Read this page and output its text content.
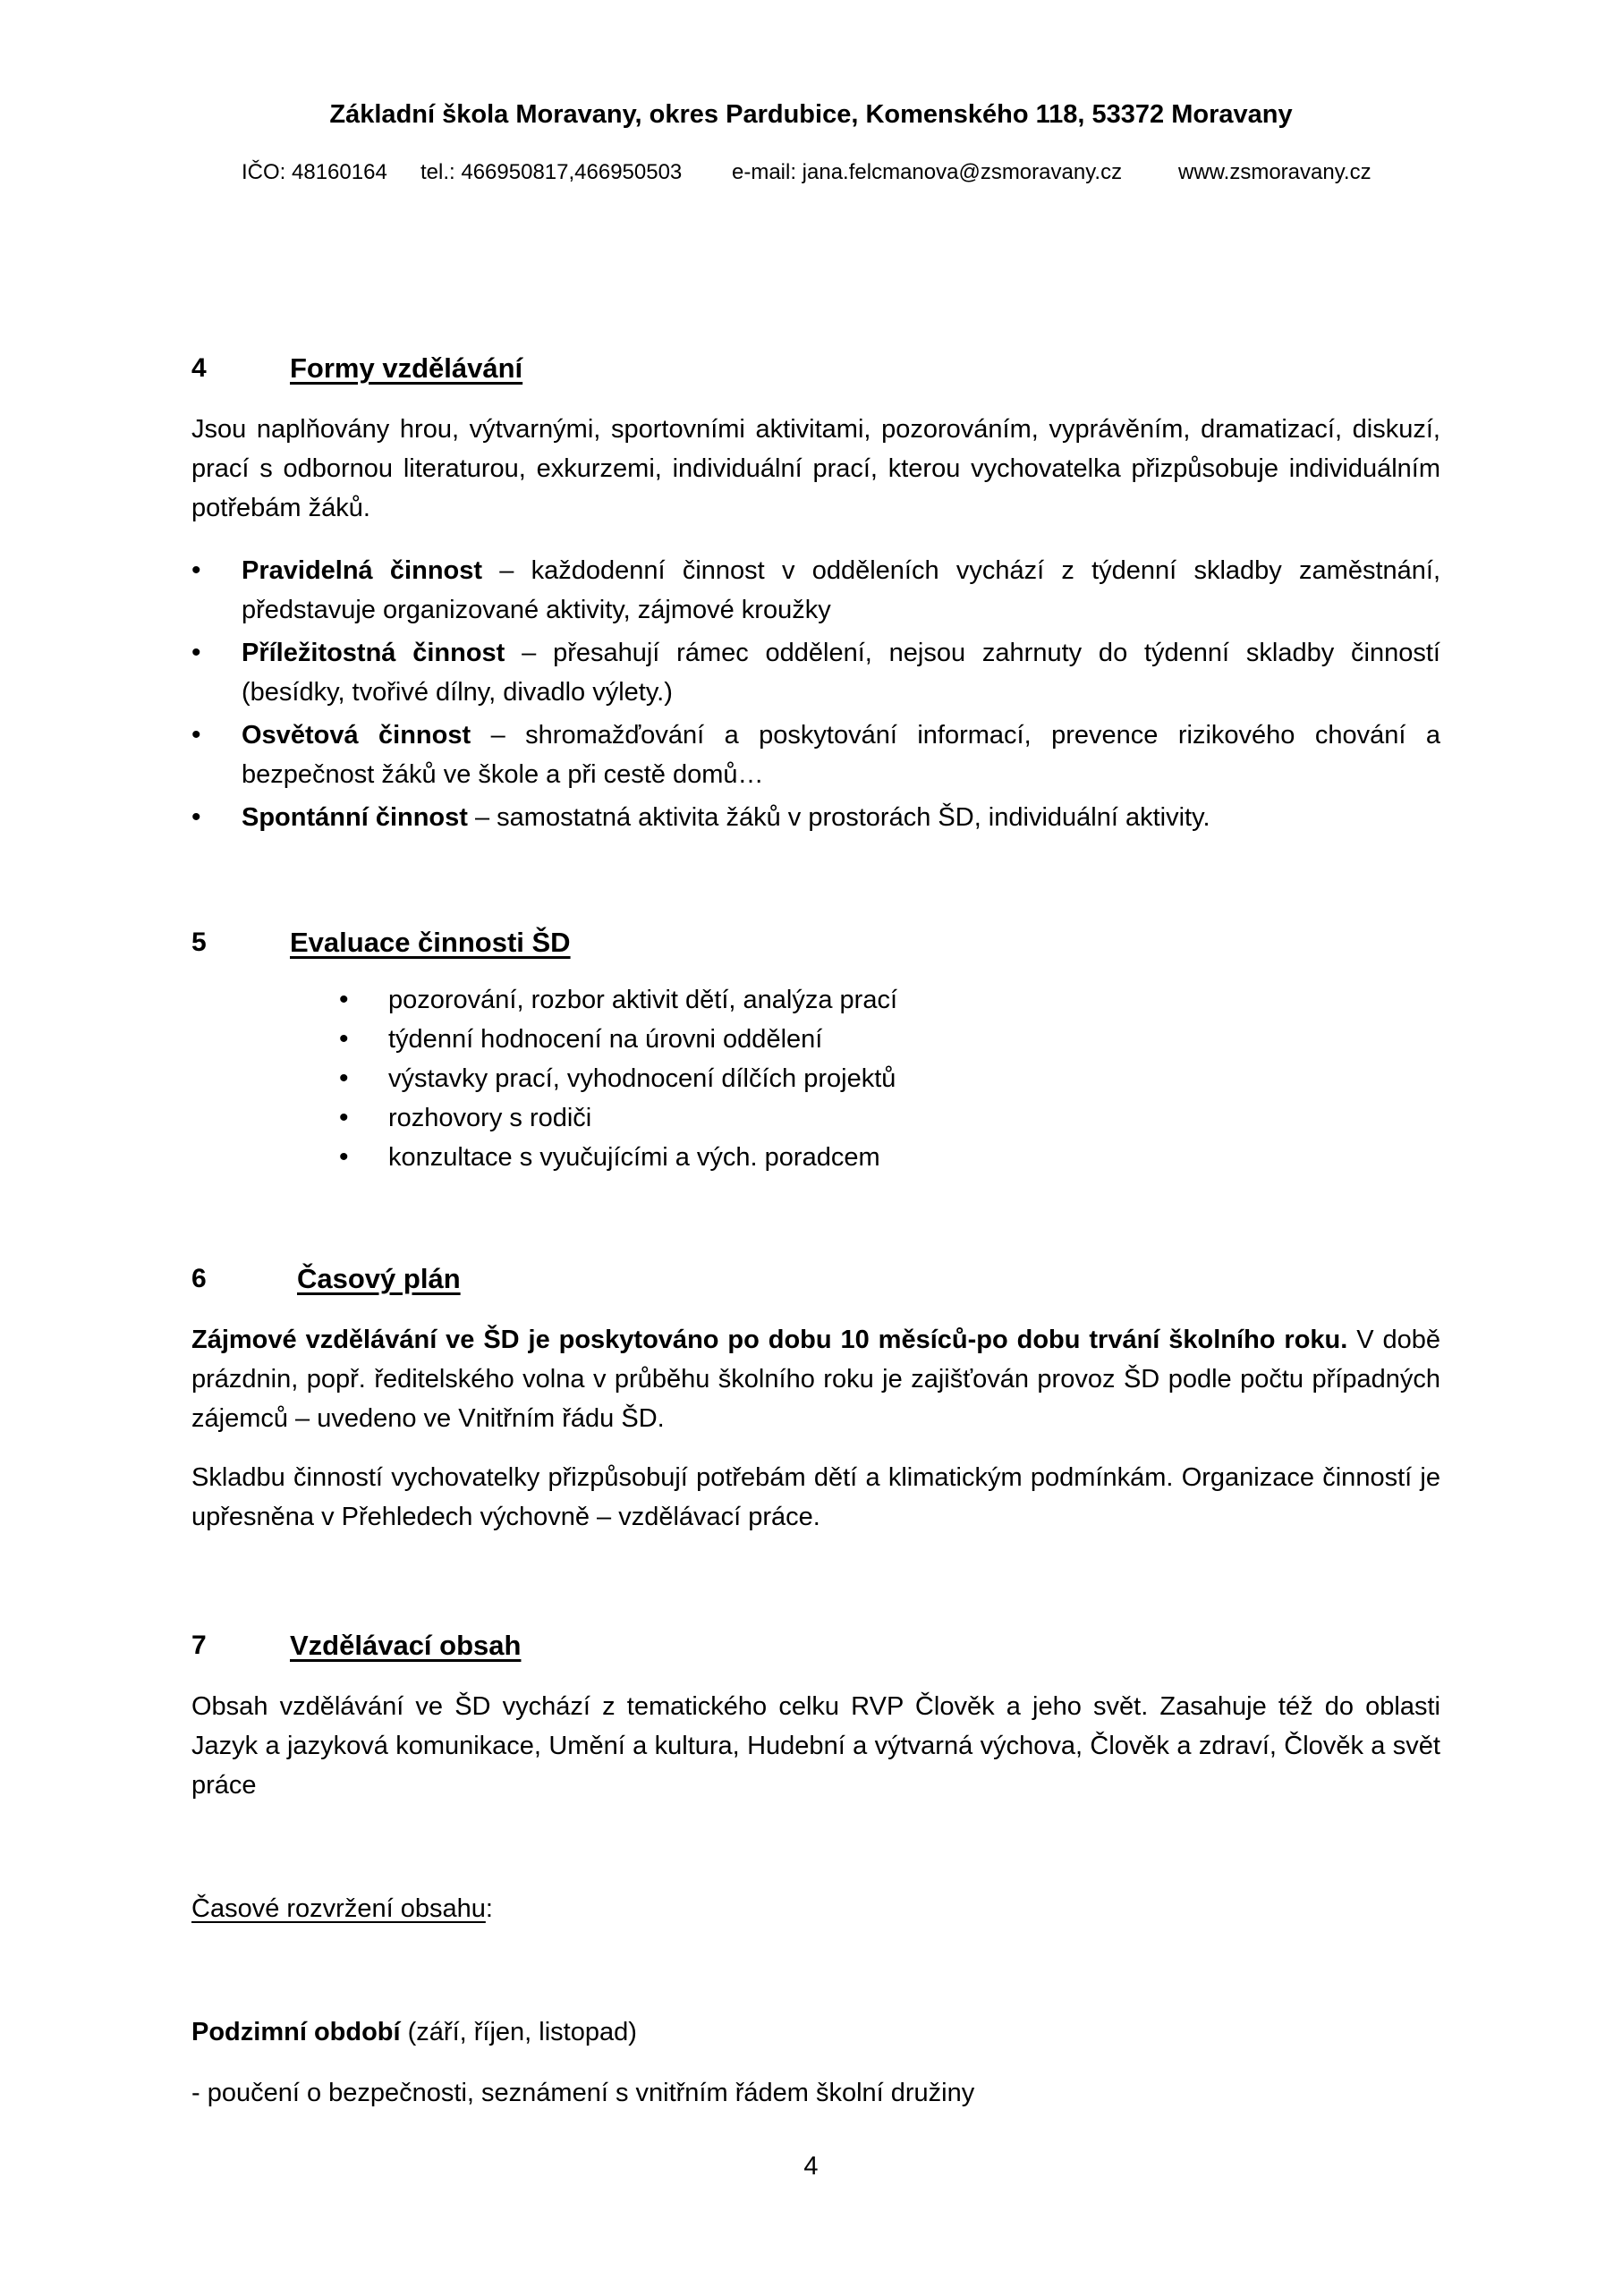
Základní škola Moravany, okres Pardubice, Komenského 118, 53372 Moravany
IČO: 48160164 tel.: 466950817,466950503 e-mail: jana.felcmanova@zsmoravany.cz	www.zsmoravany.cz
4	Formy vzdělávání

Jsou naplňovány hrou, výtvarnými, sportovními aktivitami, pozorováním, vyprávěním, dramatizací, diskuzí, prací s odbornou literaturou, exkurzemi, individuální prací, kterou vychovatelka přizpůsobuje individuálním potřebám žáků.

• Pravidelná činnost – každodenní činnost v odděleních vychází z týdenní skladby zaměstnání, představuje organizované aktivity, zájmové kroužky
• Příležitostná činnost – přesahují rámec oddělení, nejsou zahrnuty do týdenní skladby činností (besídky, tvořivé dílny, divadlo výlety.)
• Osvětová činnost – shromažďování a poskytování informací, prevence rizikového chování a bezpečnost žáků ve škole a při cestě domů…
• Spontánní činnost – samostatná aktivita žáků v prostorách ŠD, individuální aktivity.
5	Evaluace činnosti ŠD
• pozorování, rozbor aktivit dětí, analýza prací
• týdenní hodnocení na úrovni oddělení
• výstavky prací, vyhodnocení dílčích projektů
• rozhovory s rodiči
• konzultace s vyučujícími a vých. poradcem
6	Časový plán

Zájmové vzdělávání ve ŠD je poskytováno po dobu 10 měsíců-po dobu trvání školního roku. V době prázdnin, popř. ředitelského volna v průběhu školního roku je zajišťován provoz ŠD podle počtu případných zájemců – uvedeno ve Vnitřním řádu ŠD.

Skladbu činností vychovatelky přizpůsobují potřebám dětí a klimatickým podmínkám. Organizace činností je upřesněna v Přehledech výchovně – vzdělávací práce.

7	Vzdělávací obsah

Obsah vzdělávání ve ŠD vychází z tematického celku RVP Člověk a jeho svět. Zasahuje též do oblasti Jazyk a jazyková komunikace, Umění a kultura, Hudební a výtvarná výchova, Člověk a zdraví, Člověk a svět práce

Časové rozvržení obsahu:

Podzimní období (září, říjen, listopad)

- poučení o bezpečnosti, seznámení s vnitřním řádem školní družiny

4
